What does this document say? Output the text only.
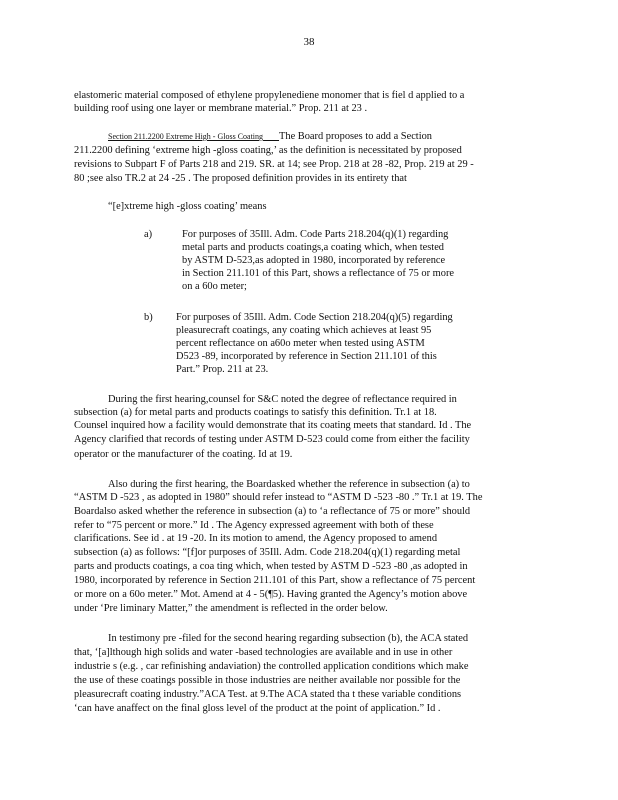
38
elastomeric material composed of ethylene propylenediene monomer that is fiel d applied to a
building roof using one layer or membrane material.” Prop. 211 at 23 .
Section 211.2200 Extreme High - Gloss Coating   The Board proposes to add a Section
211.2200 defining ‘extreme high -gloss coating,’ as the definition is necessitated by proposed
revisions to Subpart F of Parts 218 and 219. SR. at 14; see Prop. 218 at 28 -82, Prop. 219 at 29 -
80 ;see also TR.2 at 24 -25 . The proposed definition provides in its entirety that
“[e]xtreme high -gloss coating’ means
a)	For purposes of 35Ill. Adm. Code Parts 218.204(q)(1) regarding
metal parts and products coatings,a coating which, when tested
by ASTM D-523,as adopted in 1980, incorporated by reference
in Section 211.101 of this Part, shows a reflectance of 75 or more
on a 60o meter;
b) For purposes of 35Ill. Adm. Code Section 218.204(q)(5) regarding
pleasurecraft coatings, any coating which achieves at least 95
percent reflectance on a60o meter when tested using ASTM
D523 -89, incorporated by reference in Section 211.101 of this
Part.” Prop. 211 at 23.
During the first hearing,counsel for S&C noted the degree of reflectance required in
subsection (a) for metal parts and products coatings to satisfy this definition. Tr.1 at 18.
Counsel inquired how a facility would demonstrate that its coating meets that standard. Id . The
Agency clarified that records of testing under ASTM D-523 could come from either the facility
operator or the manufacturer of the coating. Id at 19.
Also during the first hearing, the Boardasked whether the reference in subsection (a) to
“ASTM D -523 , as adopted in 1980” should refer instead to “ASTM D -523 -80 .” Tr.1 at 19. The
Boardalso asked whether the reference in subsection (a) to ‘a reflectance of 75 or more” should
refer to “75 percent or more.” Id . The Agency expressed agreement with both of these
clarifications. See id . at 19 -20. In its motion to amend, the Agency proposed to amend
subsection (a) as follows: “[f]or purposes of 35Ill. Adm. Code 218.204(q)(1) regarding metal
parts and products coatings, a coa ting which, when tested by ASTM D -523 -80 ,as adopted in
1980, incorporated by reference in Section 211.101 of this Part, show a reflectance of 75 percent
or more on a 60o meter.” Mot. Amend at 4 - 5(¶5). Having granted the Agency’s motion above
under ‘Pre liminary Matter,” the amendment is reflected in the order below.
In testimony pre -filed for the second hearing regarding subsection (b), the ACA stated
that, ‘[a]lthough high solids and water -based technologies are available and in use in other
industrie s (e.g. , car refinishing andaviation) the controlled application conditions which make
the use of these coatings possible in those industries are neither available nor possible for the
pleasurecraft coating industry.”ACA Test. at 9.The ACA stated tha t these variable conditions
‘can have anaffect on the final gloss level of the product at the point of application.” Id .
